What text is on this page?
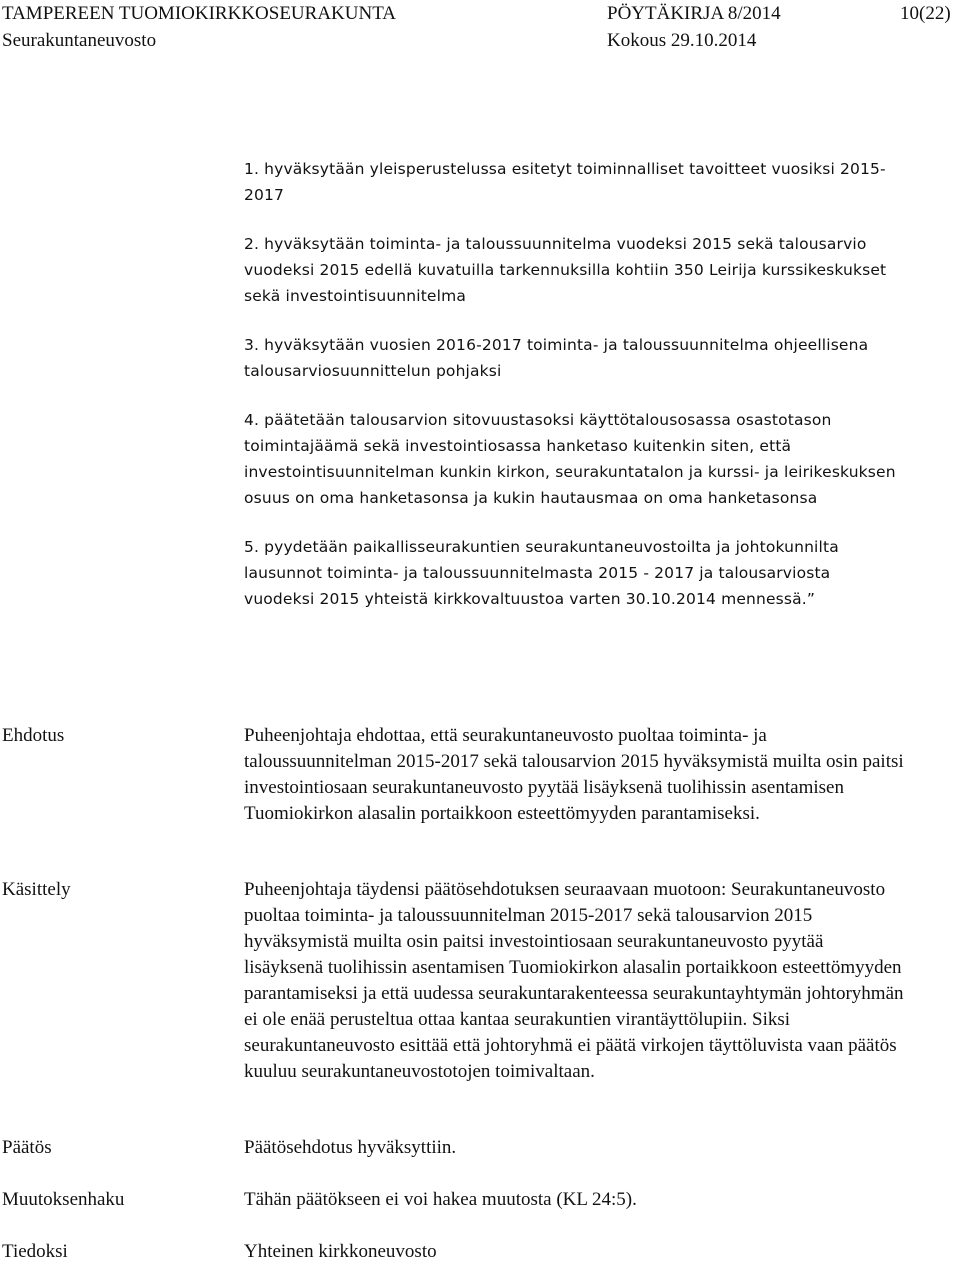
TAMPEREEN TUOMIOKIRKKOSEURAKUNTA	PÖYTÄKIRJA 8/2014	10(22)
Seurakuntaneuvosto	Kokous 29.10.2014

1. hyväksytään yleisperustelussa esitetyt toiminnalliset tavoitteet vuosiksi 2015-2017

2. hyväksytään toiminta- ja taloussuunnitelma vuodeksi 2015 sekä talousarvio vuodeksi 2015 edellä kuvatuilla tarkennuksilla kohtiin 350 Leirija kurssikeskukset sekä investointisuunnitelma

3. hyväksytään vuosien 2016-2017 toiminta- ja taloussuunnitelma ohjeellisena talousarviosuunnittelun pohjaksi

4. päätetään talousarvion sitovuustasoksi käyttötalousosassa osastotason toimintajäämä sekä investointiosassa hanketaso kuitenkin siten, että investointisuunnitelman kunkin kirkon, seurakuntatalon ja kurssi- ja leirikeskuksen osuus on oma hanketasonsa ja kukin hautausmaa on oma hanketasonsa

5. pyydetään paikallisseurakuntien seurakuntaneuvostoilta ja johtokunnilta lausunnot toiminta- ja taloussuunnitelmasta 2015 - 2017 ja talousarviosta vuodeksi 2015 yhteistä kirkkovaltuustoa varten 30.10.2014 mennessä.”

Ehdotus	Puheenjohtaja ehdottaa, että seurakuntaneuvosto puoltaa toiminta- ja taloussuunnitelman 2015-2017 sekä talousarvion 2015 hyväksymistä muilta osin paitsi investointiosaan seurakuntaneuvosto pyytää lisäyksenä tuolihissin asentamisen Tuomiokirkon alasalin portaikkoon esteettömyyden parantamiseksi.

Käsittely	Puheenjohtaja täydensi päätösehdotuksen seuraavaan muotoon: Seurakuntaneuvosto puoltaa toiminta- ja taloussuunnitelman 2015-2017 sekä talousarvion 2015 hyväksymistä muilta osin paitsi investointiosaan seurakuntaneuvosto pyytää lisäyksenä tuolihissin asentamisen Tuomiokirkon alasalin portaikkoon esteettömyyden parantamiseksi ja että uudessa seurakuntarakenteessa seurakuntayhtymän johtoryhmän ei ole enää perusteltua ottaa kantaa seurakuntien virantäyttölupiin. Siksi seurakuntaneuvosto esittää että johtoryhmä ei päätä virkojen täyttöluvista vaan päätös kuuluu seurakuntaneuvostotojen toimivaltaan.

Päätös	Päätösehdotus hyväksyttiin.

Muutoksenhaku	Tähän päätökseen ei voi hakea muutosta (KL 24:5).

Tiedoksi	Yhteinen kirkkoneuvosto
